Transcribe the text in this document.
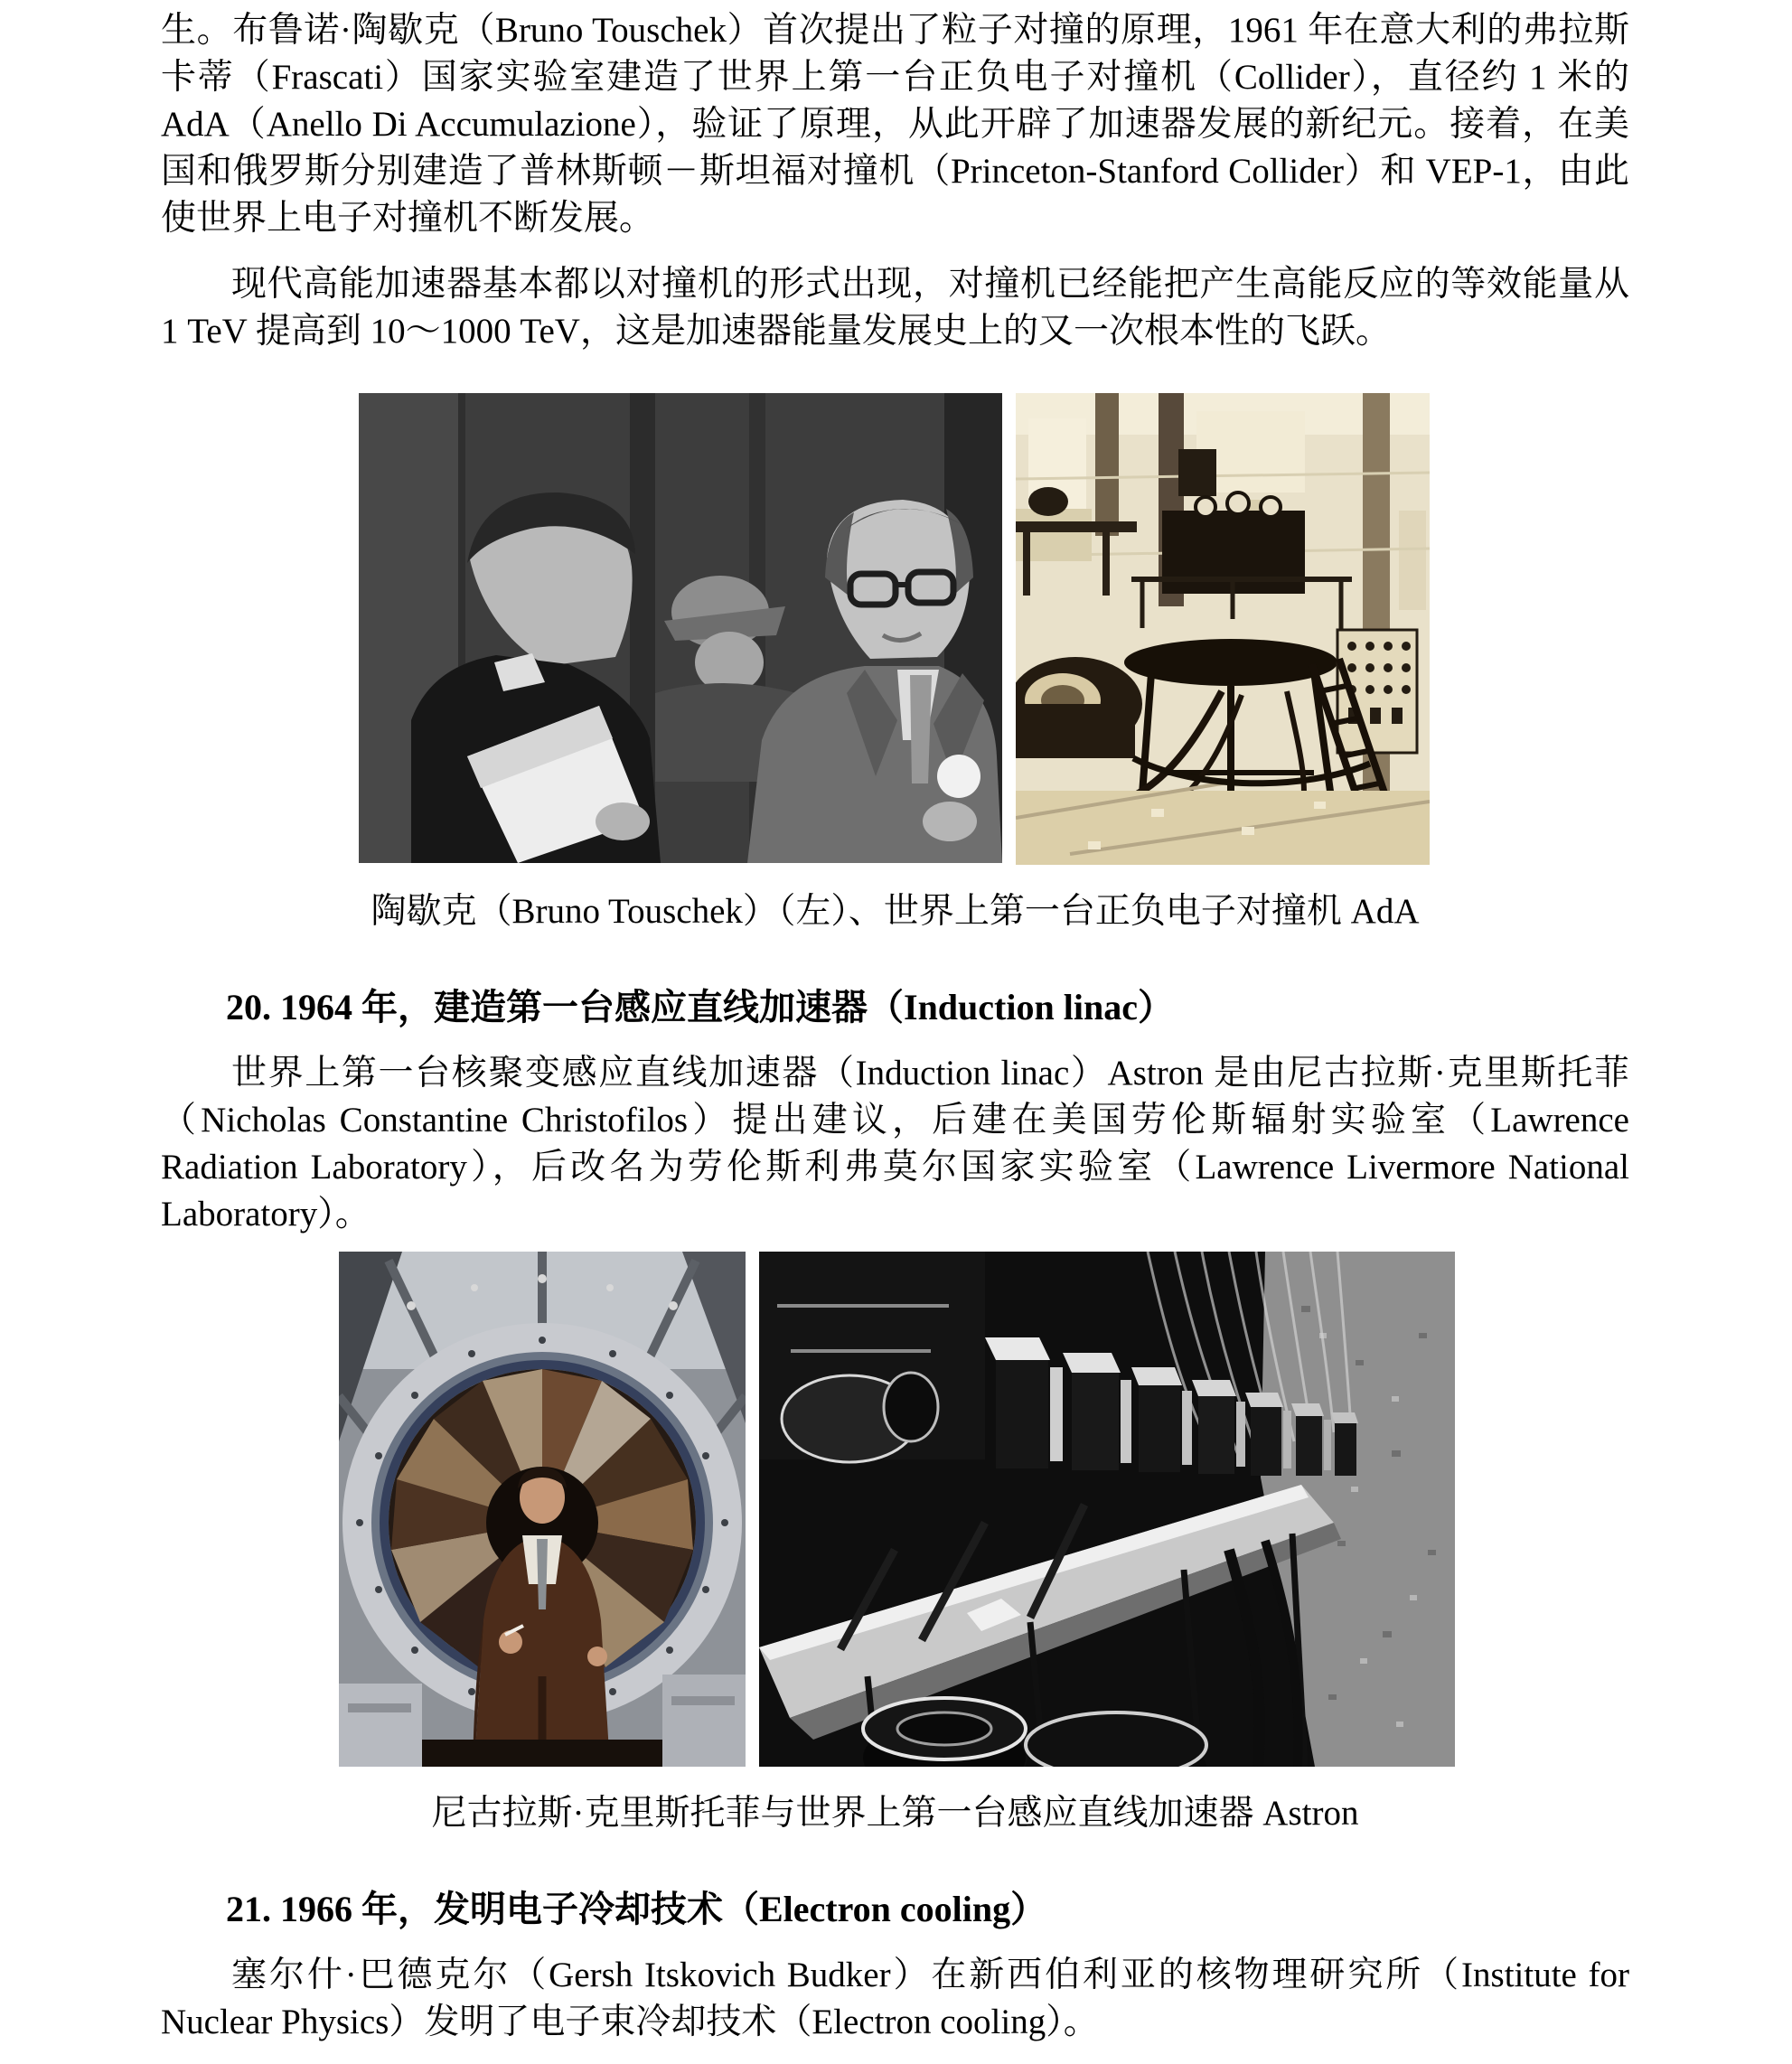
生。布鲁诺·陶歇克（Bruno Touschek）首次提出了粒子对撞的原理，1961 年在意大利的弗拉斯卡蒂（Frascati）国家实验室建造了世界上第一台正负电子对撞机（Collider），直径约 1 米的 AdA（Anello Di Accumulazione），验证了原理，从此开辟了加速器发展的新纪元。接着，在美国和俄罗斯分别建造了普林斯顿－斯坦福对撞机（Princeton-Stanford Collider）和 VEP-1，由此使世界上电子对撞机不断发展。

现代高能加速器基本都以对撞机的形式出现，对撞机已经能把产生高能反应的等效能量从 1 TeV 提高到 10～1000 TeV，这是加速器能量发展史上的又一次根本性的飞跃。

陶歇克（Bruno Touschek）（左）、世界上第一台正负电子对撞机 AdA

20. 1964 年，建造第一台感应直线加速器（Induction linac）

世界上第一台核聚变感应直线加速器（Induction linac）Astron 是由尼古拉斯·克里斯托菲（Nicholas Constantine Christofilos）提出建议，后建在美国劳伦斯辐射实验室（Lawrence Radiation Laboratory），后改名为劳伦斯利弗莫尔国家实验室（Lawrence Livermore National Laboratory）。

尼古拉斯·克里斯托菲与世界上第一台感应直线加速器 Astron

21. 1966 年，发明电子冷却技术（Electron cooling）

塞尔什·巴德克尔（Gersh Itskovich Budker）在新西伯利亚的核物理研究所（Institute for Nuclear Physics）发明了电子束冷却技术（Electron cooling）。
